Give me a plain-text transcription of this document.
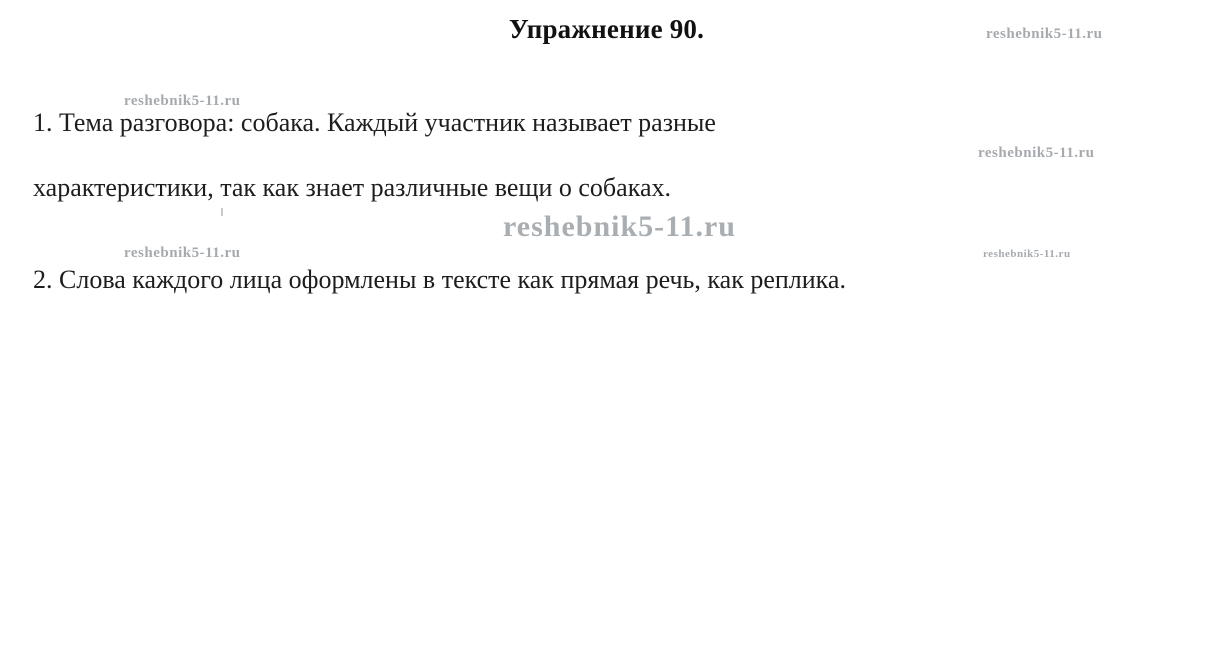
Упражнение 90.
1. Тема разговора: собака. Каждый участник называет разные
характеристики, так как знает различные вещи о собаках.
2. Слова каждого лица оформлены в тексте как прямая речь, как реплика.
reshebnik5-11.ru
reshebnik5-11.ru
reshebnik5-11.ru
reshebnik5-11.ru
reshebnik5-11.ru	reshebnik5-11.ru
